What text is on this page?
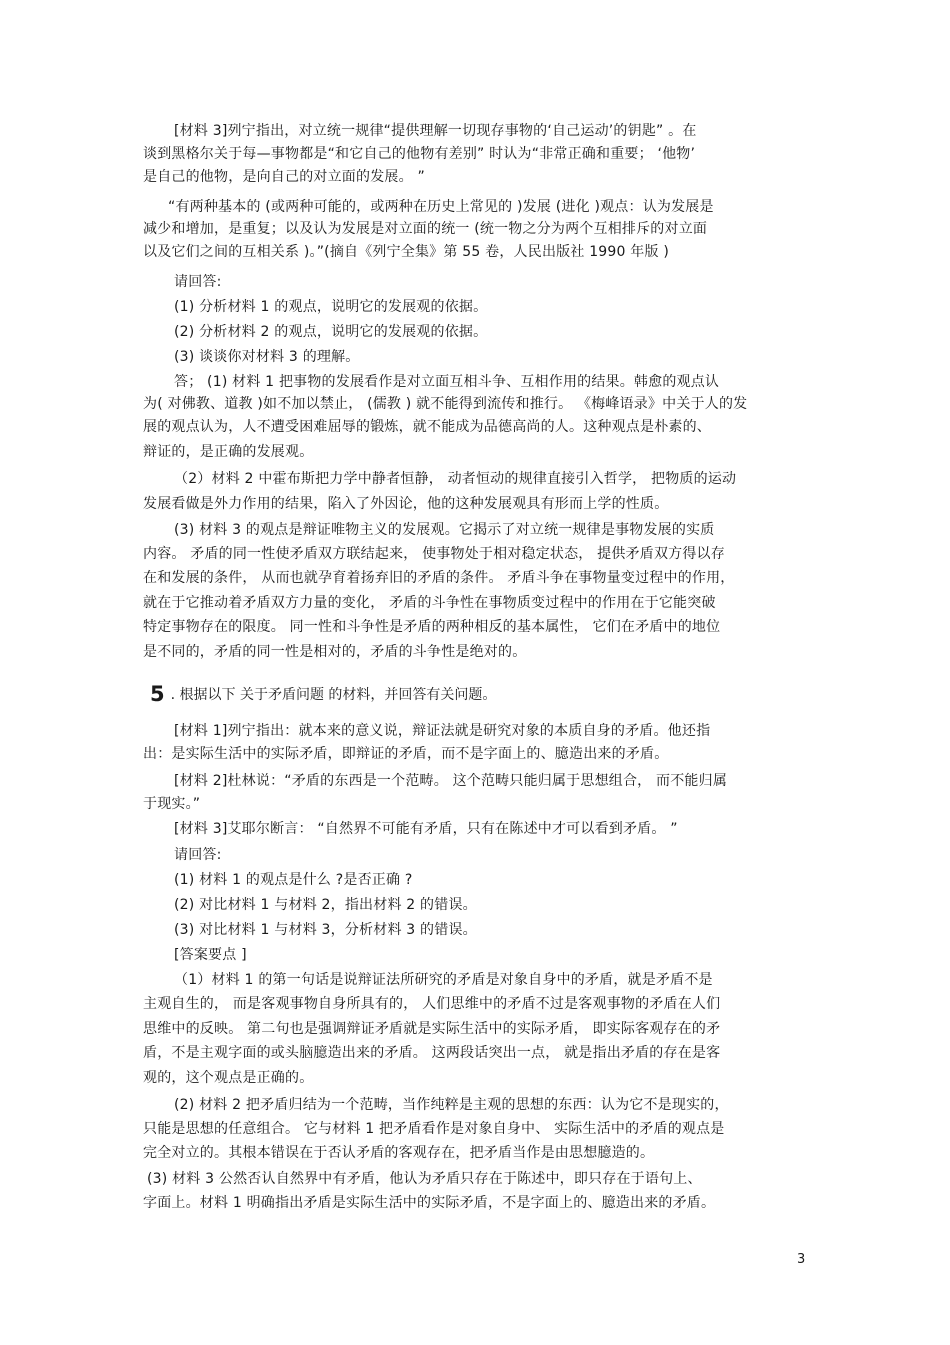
[材料 3]列宁指出，对立统一规律“提供理解一切现存事物的‘自己运动’的钥匙” 。在
谈到黑格尔关于每—事物都是“和它自己的他物有差别” 时认为“非常正确和重要； ‘他物’
是自己的他物，是向自己的对立面的发展。 ”
“有两种基本的 (或两种可能的，或两种在历史上常见的 )发展 (进化 )观点：认为发展是
减少和增加，是重复；以及认为发展是对立面的统一 (统一物之分为两个互相排斥的对立面
以及它们之间的互相关系 )。”(摘自《列宁全集》第 55 卷，人民出版社 1990 年版 )
请回答:
(1) 分析材料 1 的观点，说明它的发展观的依据。
(2) 分析材料 2 的观点，说明它的发展观的依据。
(3) 谈谈你对材料 3 的理解。
答； (1) 材料 1 把事物的发展看作是对立面互相斗争、互相作用的结果。韩愈的观点认
为( 对佛教、道教 )如不加以禁止， (儒教 ) 就不能得到流传和推行。 《梅峰语录》中关于人的发
展的观点认为，人不遭受困难屈辱的锻炼，就不能成为品德高尚的人。这种观点是朴素的、
辩证的，是正确的发展观。
（2）材料 2 中霍布斯把力学中静者恒静， 动者恒动的规律直接引入哲学， 把物质的运动
发展看做是外力作用的结果，陷入了外因论，他的这种发展观具有形而上学的性质。
(3) 材料 3 的观点是辩证唯物主义的发展观。它揭示了对立统一规律是事物发展的实质
内容。 矛盾的同一性使矛盾双方联结起来， 使事物处于相对稳定状态， 提供矛盾双方得以存
在和发展的条件， 从而也就孕育着扬弃旧的矛盾的条件。 矛盾斗争在事物量变过程中的作用，
就在于它推动着矛盾双方力量的变化， 矛盾的斗争性在事物质变过程中的作用在于它能突破
特定事物存在的限度。 同一性和斗争性是矛盾的两种相反的基本属性， 它们在矛盾中的地位
是不同的，矛盾的同一性是相对的，矛盾的斗争性是绝对的。
5 . 根据以下 关于矛盾问题 的材料，并回答有关问题。
[材料 1]列宁指出：就本来的意义说，辩证法就是研究对象的本质自身的矛盾。他还指
出：是实际生活中的实际矛盾，即辩证的矛盾，而不是字面上的、臆造出来的矛盾。
[材料 2]杜林说：“矛盾的东西是一个范畴。 这个范畴只能归属于思想组合， 而不能归属
于现实。”
[材料 3]艾耶尔断言： “自然界不可能有矛盾，只有在陈述中才可以看到矛盾。 ”
请回答:
(1) 材料 1 的观点是什么 ?是否正确 ?
(2) 对比材料 1 与材料 2，指出材料 2 的错误。
(3) 对比材料 1 与材料 3，分析材料 3 的错误。
[答案要点 ]
（1）材料 1 的第一句话是说辩证法所研究的矛盾是对象自身中的矛盾，就是矛盾不是
主观自生的， 而是客观事物自身所具有的， 人们思维中的矛盾不过是客观事物的矛盾在人们
思维中的反映。 第二句也是强调辩证矛盾就是实际生活中的实际矛盾， 即实际客观存在的矛
盾，不是主观字面的或头脑臆造出来的矛盾。 这两段话突出一点， 就是指出矛盾的存在是客
观的，这个观点是正确的。
(2) 材料 2 把矛盾归结为一个范畴，当作纯粹是主观的思想的东西：认为它不是现实的，
只能是思想的任意组合。 它与材料 1 把矛盾看作是对象自身中、 实际生活中的矛盾的观点是
完全对立的。其根本错误在于否认矛盾的客观存在，把矛盾当作是由思想臆造的。
(3) 材料 3 公然否认自然界中有矛盾，他认为矛盾只存在于陈述中，即只存在于语句上、
字面上。材料 1 明确指出矛盾是实际生活中的实际矛盾，不是字面上的、臆造出来的矛盾。
3
